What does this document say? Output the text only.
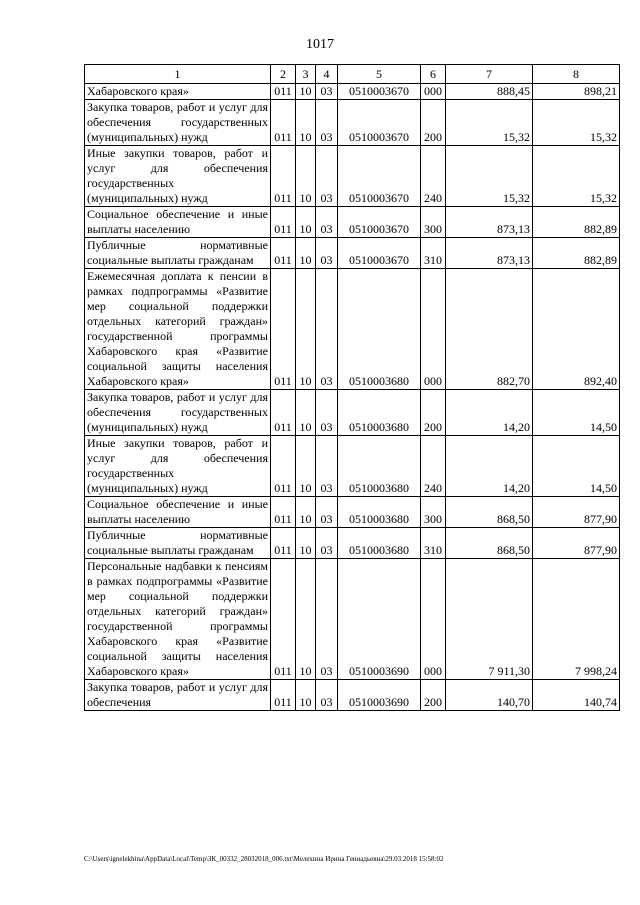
1017
1	2	3	4	5	6	7	8
Хабаровского края»	011	10	03	0510003670	000	888,45	898,21
Закупка товаров, работ и услуг для обеспечения государственных (муниципальных) нужд	011	10	03	0510003670	200	15,32	15,32
Иные закупки товаров, работ и услуг для обеспечения государственных (муниципальных) нужд	011	10	03	0510003670	240	15,32	15,32
Социальное обеспечение и иные выплаты населению	011	10	03	0510003670	300	873,13	882,89
Публичные нормативные социальные выплаты гражданам	011	10	03	0510003670	310	873,13	882,89
Ежемесячная доплата к пенсии в рамках подпрограммы «Развитие мер социальной поддержки отдельных категорий граждан» государственной программы Хабаровского края «Развитие социальной защиты населения Хабаровского края»	011	10	03	0510003680	000	882,70	892,40
Закупка товаров, работ и услуг для обеспечения государственных (муниципальных) нужд	011	10	03	0510003680	200	14,20	14,50
Иные закупки товаров, работ и услуг для обеспечения государственных (муниципальных) нужд	011	10	03	0510003680	240	14,20	14,50
Социальное обеспечение и иные выплаты населению	011	10	03	0510003680	300	868,50	877,90
Публичные нормативные социальные выплаты гражданам	011	10	03	0510003680	310	868,50	877,90
Персональные надбавки к пенсиям в рамках подпрограммы «Развитие мер социальной поддержки отдельных категорий граждан» государственной программы Хабаровского края «Развитие социальной защиты населения Хабаровского края»	011	10	03	0510003690	000	7 911,30	7 998,24
Закупка товаров, работ и услуг для обеспечения	011	10	03	0510003690	200	140,70	140,74
C:\Users\ignelekhina\AppData\Local\Temp\ЗК_00332_28032018_006.txt\Мелехина Ирина Геннадьевна\29.03.2018 15:58:02
